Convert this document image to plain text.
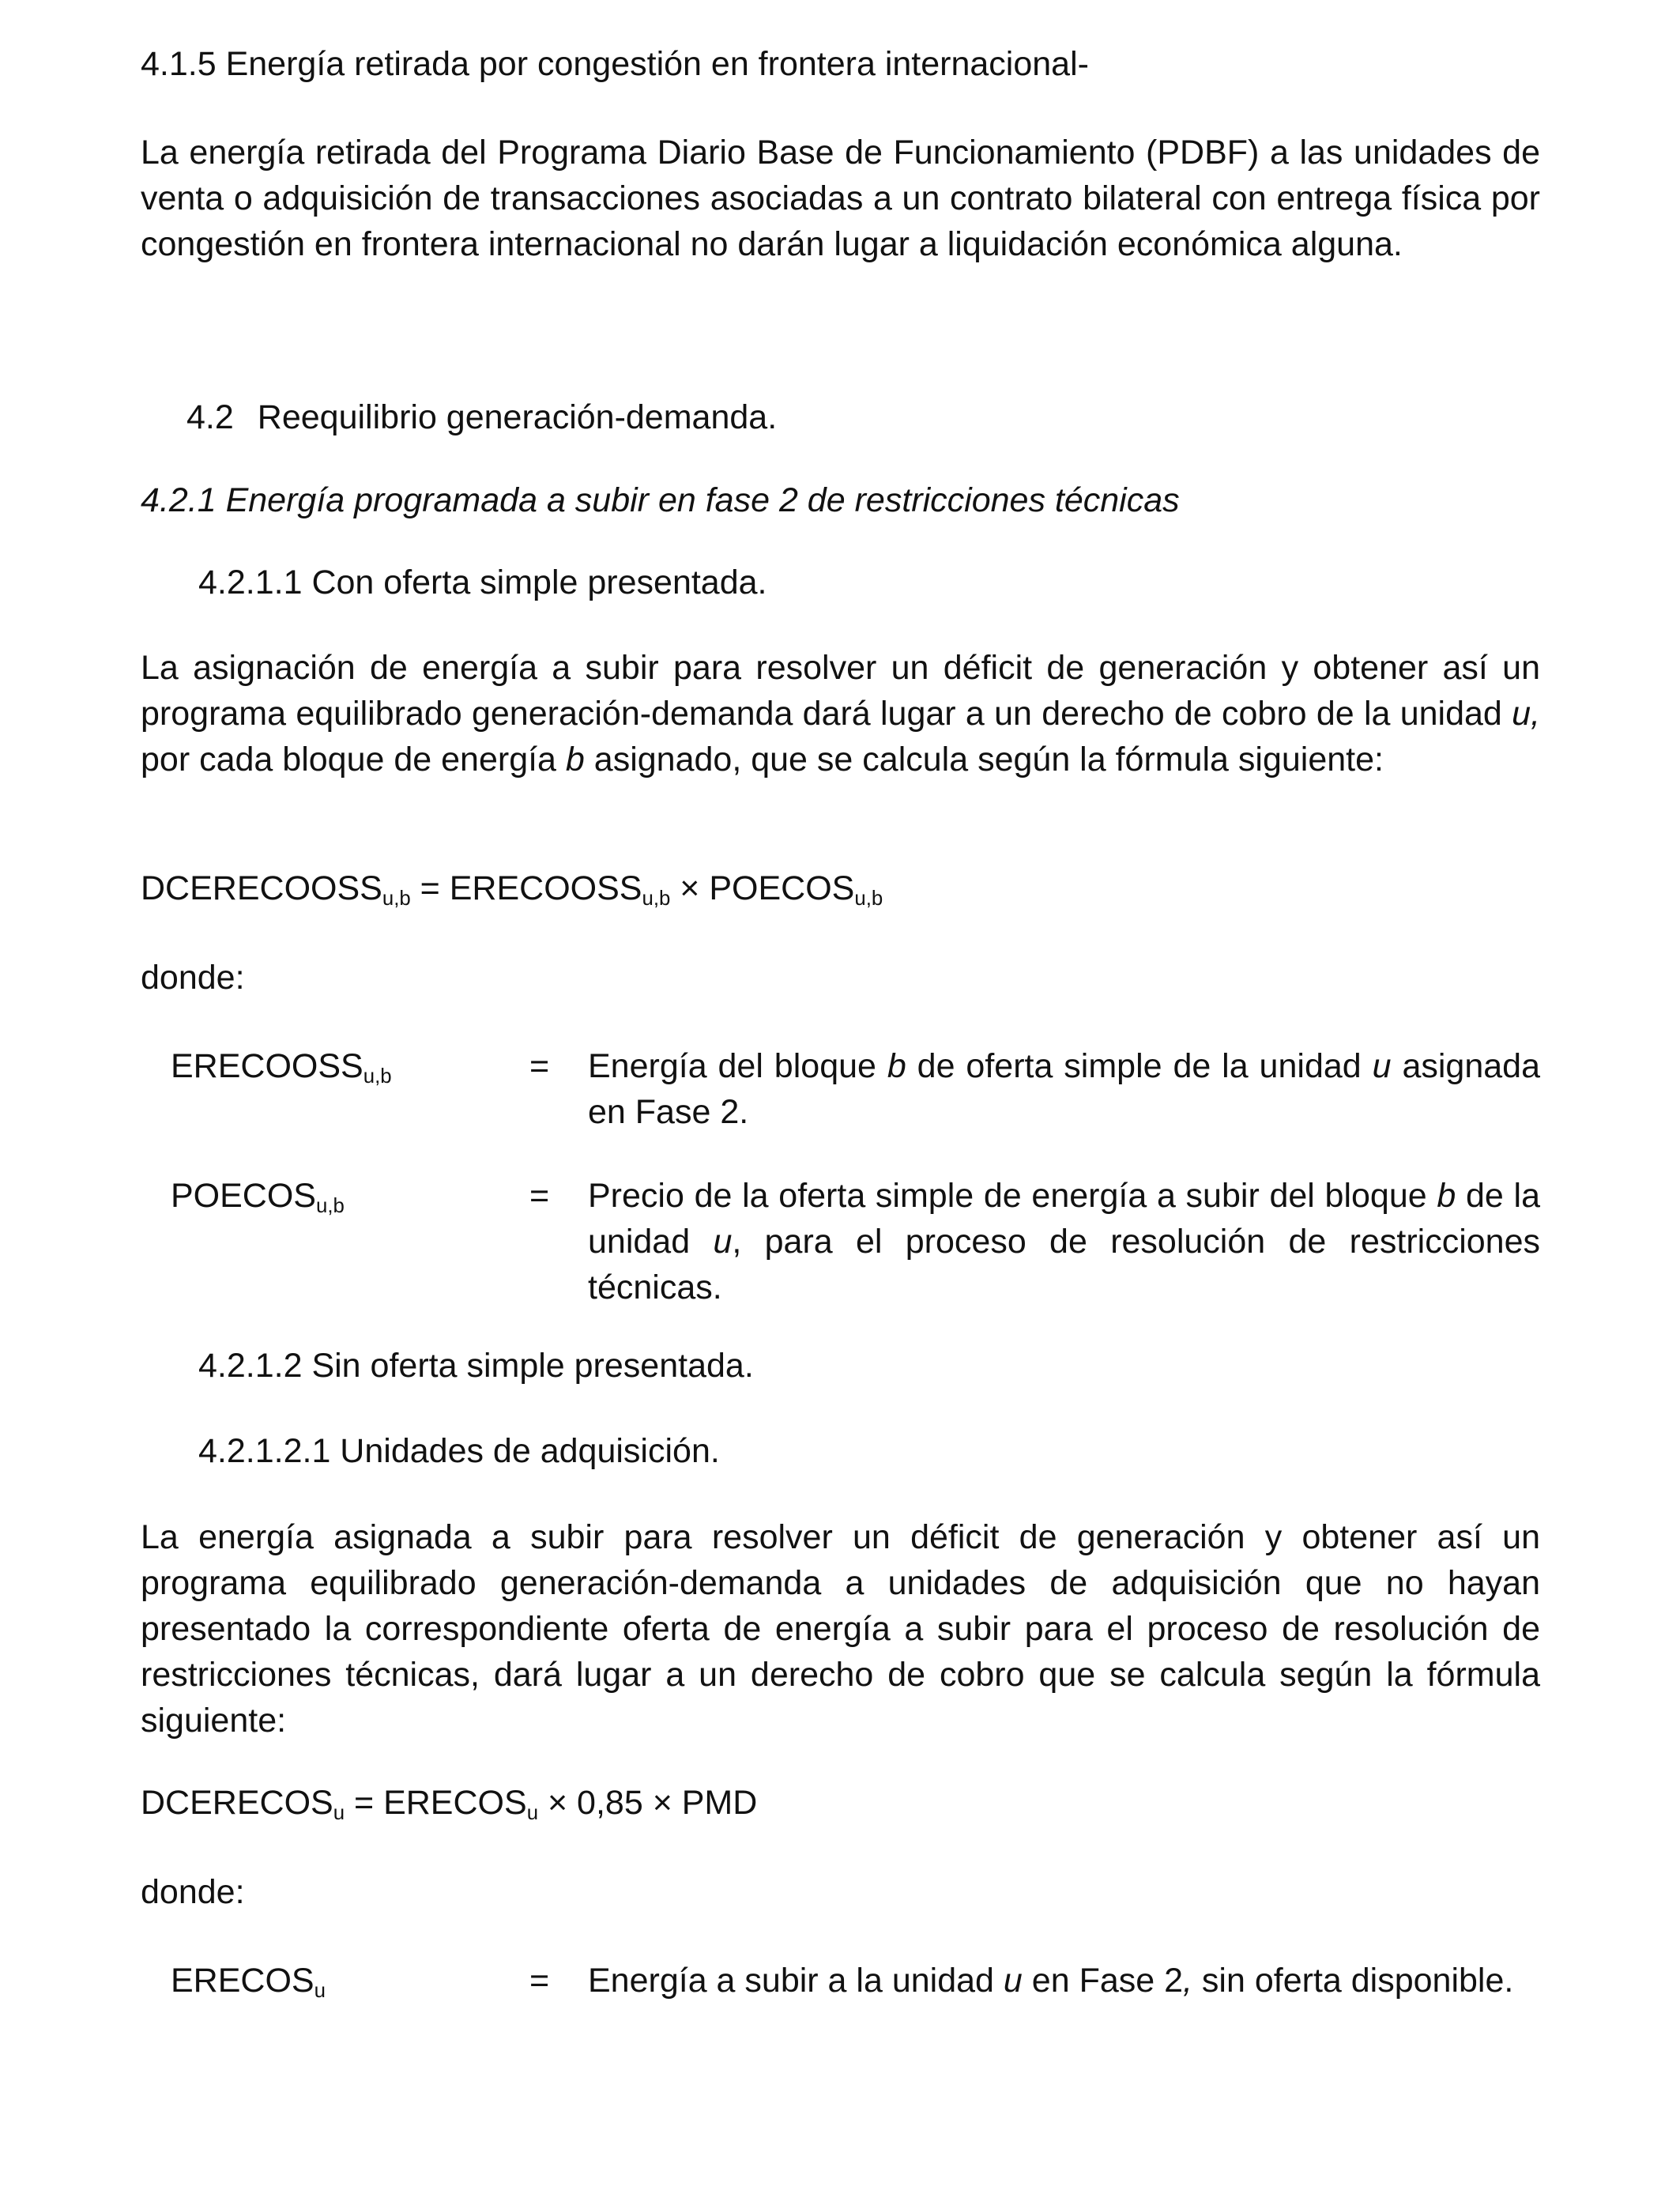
4.1.5 Energía retirada por congestión en frontera internacional-

La energía retirada del Programa Diario Base de Funcionamiento (PDBF) a las unidades de venta o adquisición de transacciones asociadas a un contrato bilateral con entrega física por congestión en frontera internacional no darán lugar a liquidación económica alguna.

4.2 Reequilibrio generación-demanda.

4.2.1 Energía programada a subir en fase 2 de restricciones técnicas

4.2.1.1 Con oferta simple presentada.

La asignación de energía a subir para resolver un déficit de generación y obtener así un programa equilibrado generación-demanda dará lugar a un derecho de cobro de la unidad u, por cada bloque de energía b asignado, que se calcula según la fórmula siguiente:

$DCERECOOSS_{u,b}$ = $ERECOOSS_{u,b}$ × $POECOS_{u,b}$

donde:

$ERECOOSS_{u,b}$	= Energía del bloque b de oferta simple de la unidad u asignada en Fase 2.
$POECOS_{u,b}$	= Precio de la oferta simple de energía a subir del bloque b de la unidad u, para el proceso de resolución de restricciones técnicas.

4.2.1.2 Sin oferta simple presentada.

4.2.1.2.1 Unidades de adquisición.

La energía asignada a subir para resolver un déficit de generación y obtener así un programa equilibrado generación-demanda a unidades de adquisición que no hayan presentado la correspondiente oferta de energía a subir para el proceso de resolución de restricciones técnicas, dará lugar a un derecho de cobro que se calcula según la fórmula siguiente:

$DCERECOS_u$ = $ERECOS_u \times 0,85$ × PMD

donde:

$ERECOS_u$	= Energía a subir a la unidad u en Fase 2, sin oferta disponible.
